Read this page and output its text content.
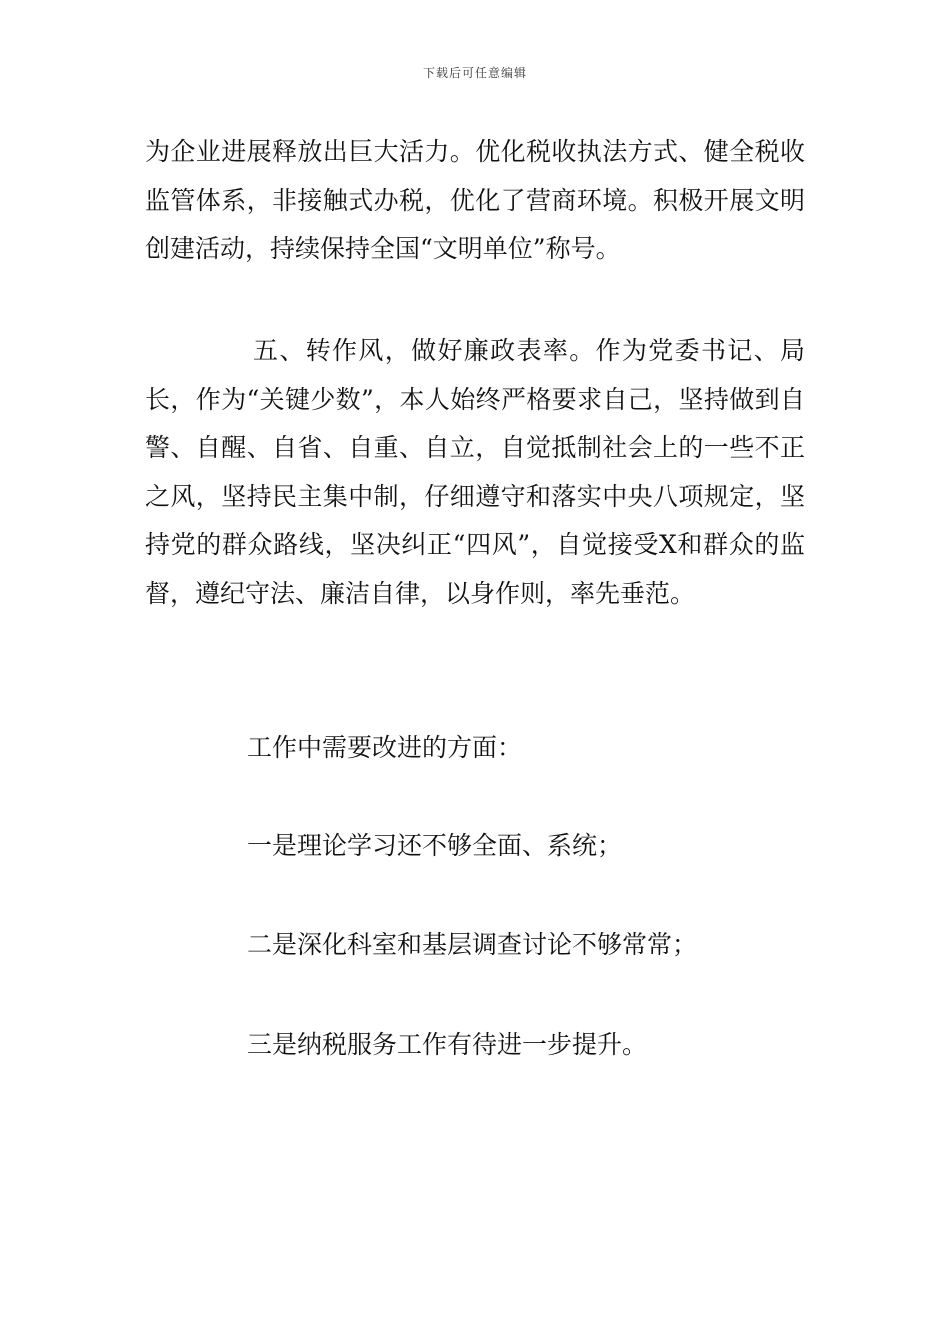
下载后可任意编辑

为企业进展释放出巨大活力。优化税收执法方式、健全税收监管体系，非接触式办税，优化了营商环境。积极开展文明创建活动，持续保持全国“文明单位”称号。

五、转作风，做好廉政表率。作为党委书记、局长，作为“关键少数”，本人始终严格要求自己，坚持做到自警、自醒、自省、自重、自立，自觉抵制社会上的一些不正之风，坚持民主集中制，仔细遵守和落实中央八项规定，坚持党的群众路线，坚决纠正“四风”，自觉接受X和群众的监督，遵纪守法、廉洁自律，以身作则，率先垂范。

工作中需要改进的方面：

一是理论学习还不够全面、系统；

二是深化科室和基层调查讨论不够常常；

三是纳税服务工作有待进一步提升。
